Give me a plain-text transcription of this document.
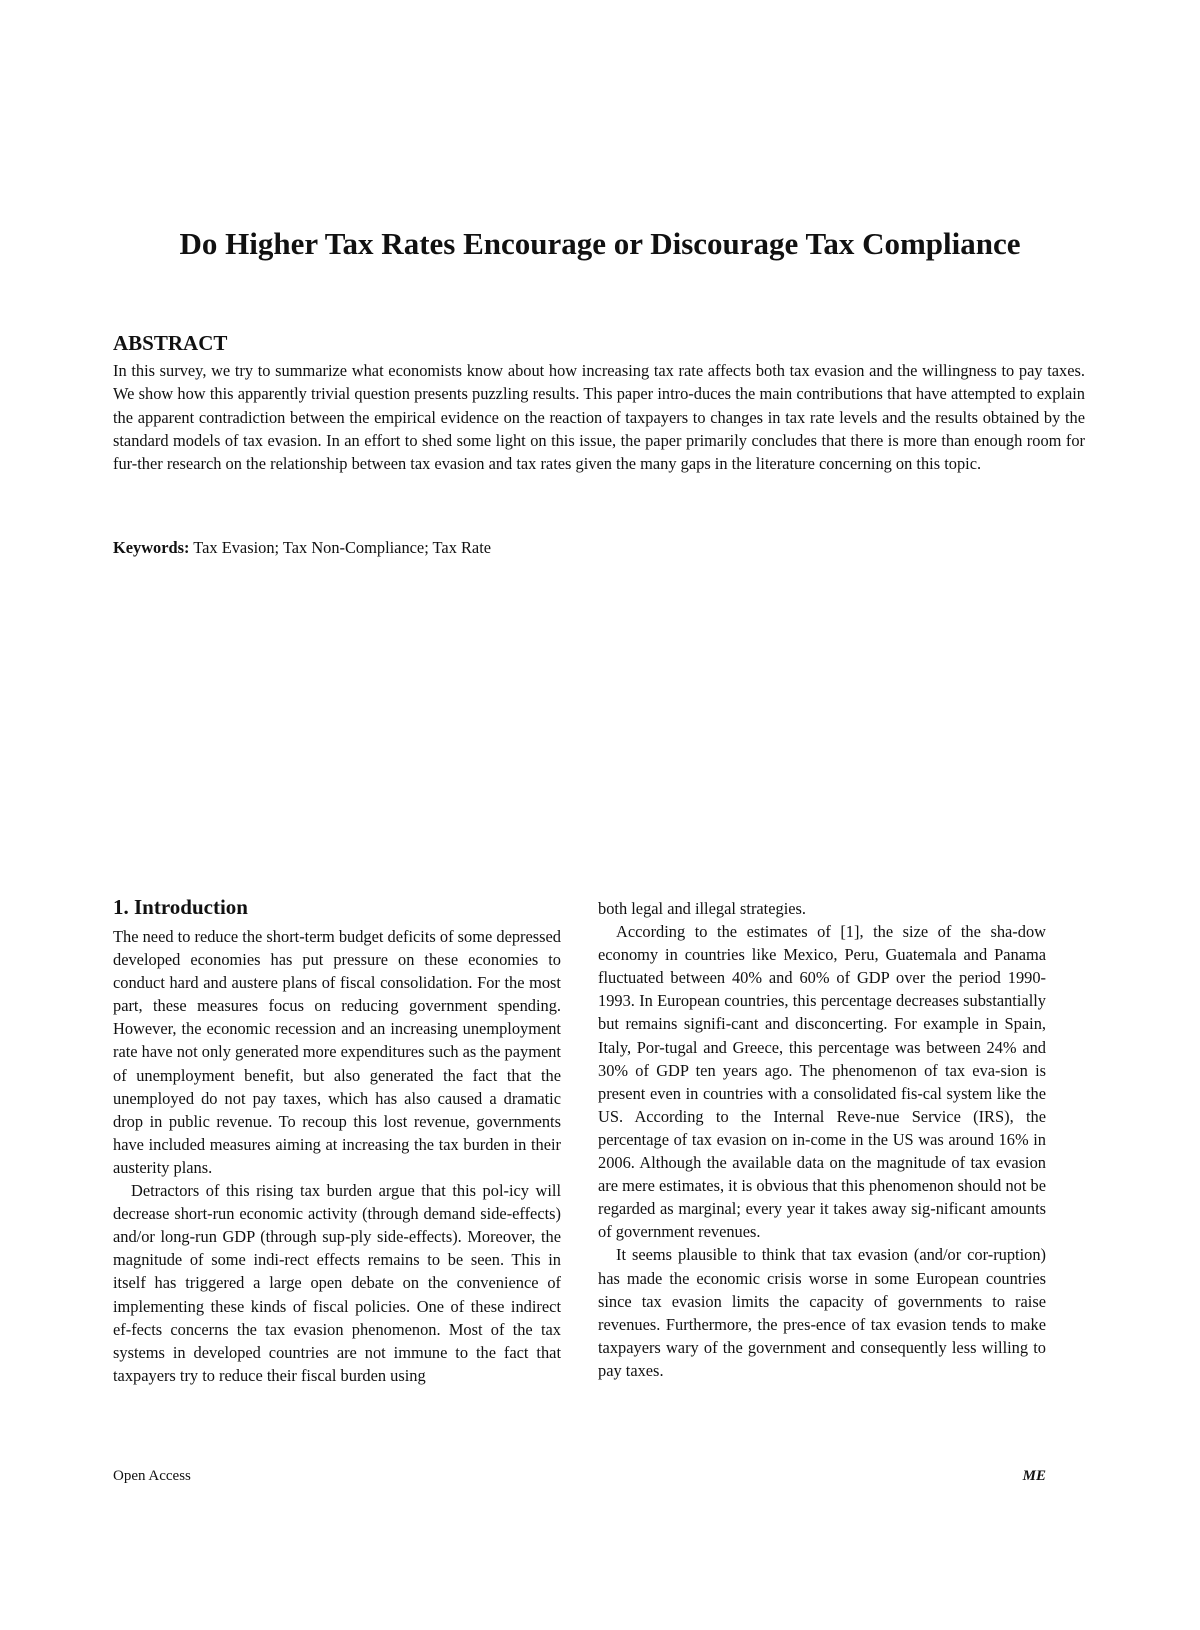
Do Higher Tax Rates Encourage or Discourage Tax Compliance
ABSTRACT

In this survey, we try to summarize what economists know about how increasing tax rate affects both tax evasion and the willingness to pay taxes. We show how this apparently trivial question presents puzzling results. This paper intro-duces the main contributions that have attempted to explain the apparent contradiction between the empirical evidence on the reaction of taxpayers to changes in tax rate levels and the results obtained by the standard models of tax evasion. In an effort to shed some light on this issue, the paper primarily concludes that there is more than enough room for fur-ther research on the relationship between tax evasion and tax rates given the many gaps in the literature concerning on this topic.

Keywords: Tax Evasion; Tax Non-Compliance; Tax Rate

1. Introduction

The need to reduce the short-term budget deficits of some depressed developed economies has put pressure on these economies to conduct hard and austere plans of fiscal consolidation. For the most part, these measures focus on reducing government spending. However, the economic recession and an increasing unemployment rate have not only generated more expenditures such as the payment of unemployment benefit, but also generated the fact that the unemployed do not pay taxes, which has also caused a dramatic drop in public revenue. To recoup this lost revenue, governments have included measures aiming at increasing the tax burden in their austerity plans.

Detractors of this rising tax burden argue that this pol-icy will decrease short-run economic activity (through demand side-effects) and/or long-run GDP (through sup-ply side-effects). Moreover, the magnitude of some indi-rect effects remains to be seen. This in itself has triggered a large open debate on the convenience of implementing these kinds of fiscal policies. One of these indirect ef-fects concerns the tax evasion phenomenon. Most of the tax systems in developed countries are not immune to the fact that taxpayers try to reduce their fiscal burden using

both legal and illegal strategies.

According to the estimates of [1], the size of the sha-dow economy in countries like Mexico, Peru, Guatemala and Panama fluctuated between 40% and 60% of GDP over the period 1990-1993. In European countries, this percentage decreases substantially but remains signifi-cant and disconcerting. For example in Spain, Italy, Por-tugal and Greece, this percentage was between 24% and 30% of GDP ten years ago. The phenomenon of tax eva-sion is present even in countries with a consolidated fis-cal system like the US. According to the Internal Reve-nue Service (IRS), the percentage of tax evasion on in-come in the US was around 16% in 2006. Although the available data on the magnitude of tax evasion are mere estimates, it is obvious that this phenomenon should not be regarded as marginal; every year it takes away sig-nificant amounts of government revenues.

It seems plausible to think that tax evasion (and/or cor-ruption) has made the economic crisis worse in some European countries since tax evasion limits the capacity of governments to raise revenues. Furthermore, the pres-ence of tax evasion tends to make taxpayers wary of the government and consequently less willing to pay taxes.

Open Access	ME
